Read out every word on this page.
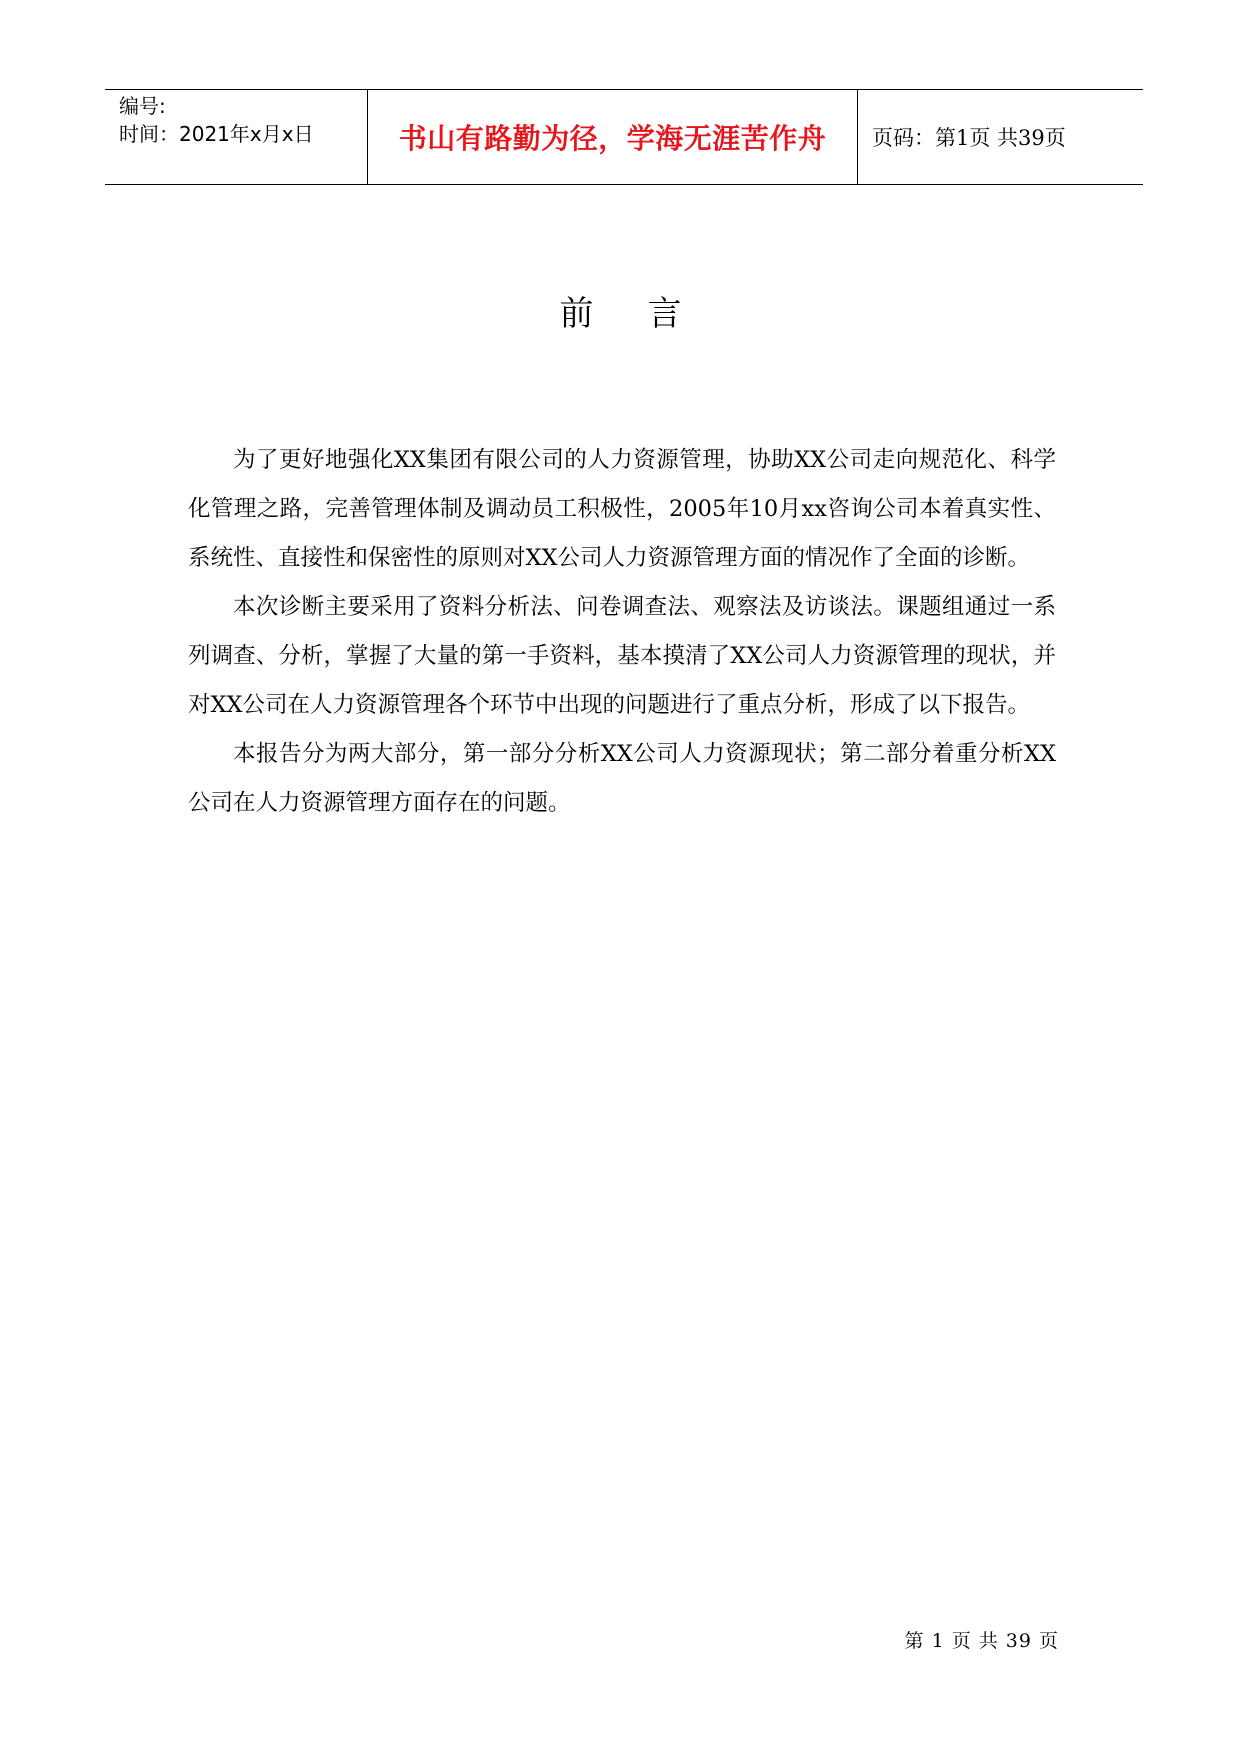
编号:
时间：2021年x月x日	书山有路勤为径，学海无涯苦作舟	页码：第1页 共39页
前言

为了更好地强化XX集团有限公司的人力资源管理，协助XX公司走向规范化、科学化管理之路，完善管理体制及调动员工积极性，2005年10月xx咨询公司本着真实性、系统性、直接性和保密性的原则对XX公司人力资源管理方面的情况作了全面的诊断。

本次诊断主要采用了资料分析法、问卷调查法、观察法及访谈法。课题组通过一系列调查、分析，掌握了大量的第一手资料，基本摸清了XX公司人力资源管理的现状，并对XX公司在人力资源管理各个环节中出现的问题进行了重点分析，形成了以下报告。

本报告分为两大部分，第一部分分析XX公司人力资源现状；第二部分着重分析XX公司在人力资源管理方面存在的问题。

第 1 页 共 39 页
